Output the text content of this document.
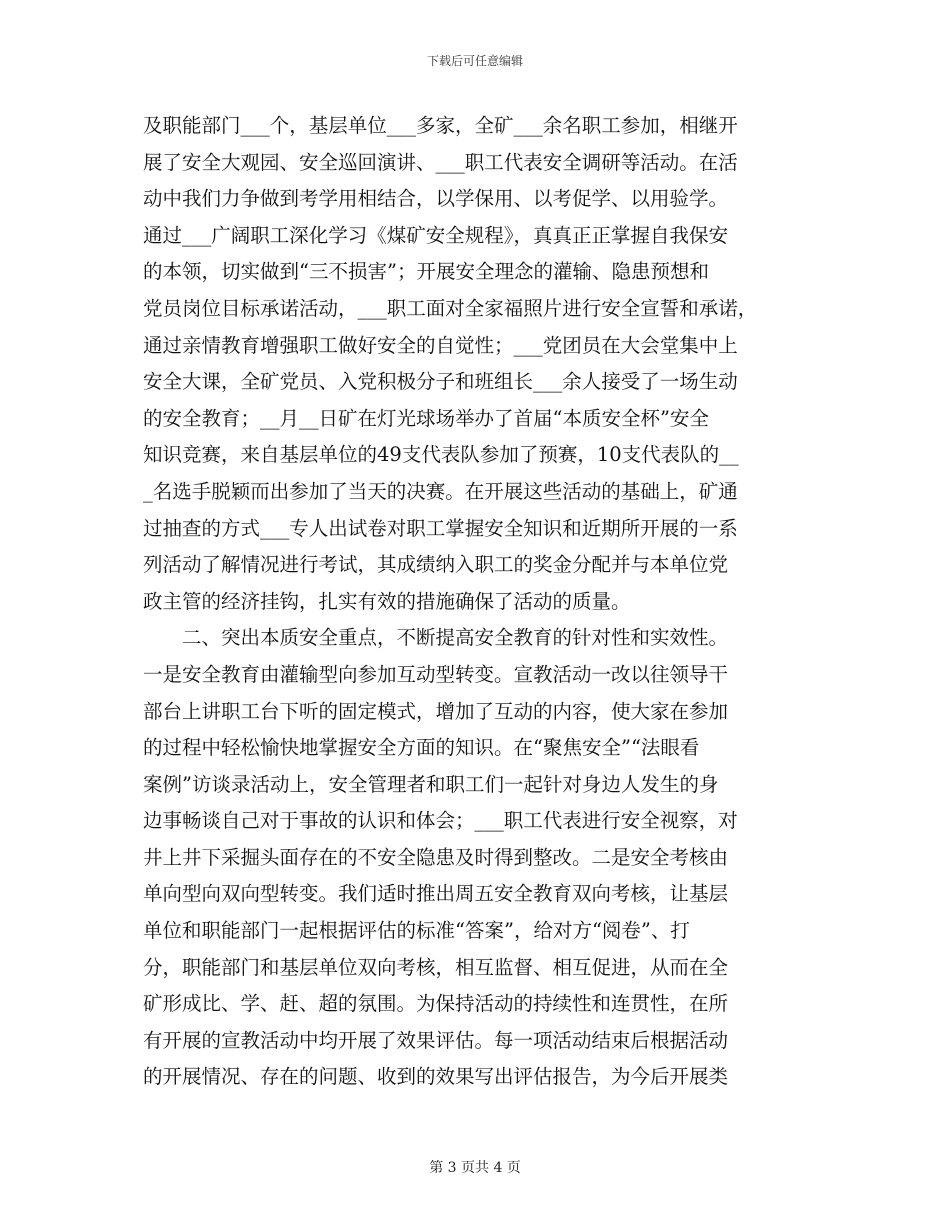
下载后可任意编辑
及职能部门___个，基层单位___多家，全矿___余名职工参加，相继开
展了安全大观园、安全巡回演讲、___职工代表安全调研等活动。在活
动中我们力争做到考学用相结合，以学保用、以考促学、以用验学。
通过___广阔职工深化学习《煤矿安全规程》，真真正正掌握自我保安
的本领，切实做到“三不损害”；开展安全理念的灌输、隐患预想和
党员岗位目标承诺活动，___职工面对全家福照片进行安全宣誓和承诺，
通过亲情教育增强职工做好安全的自觉性；___党团员在大会堂集中上
安全大课，全矿党员、入党积极分子和班组长___余人接受了一场生动
的安全教育；__月__日矿在灯光球场举办了首届“本质安全杯”安全
知识竞赛，来自基层单位的49支代表队参加了预赛，10支代表队的__
_名选手脱颖而出参加了当天的决赛。在开展这些活动的基础上，矿通
过抽查的方式___专人出试卷对职工掌握安全知识和近期所开展的一系
列活动了解情况进行考试，其成绩纳入职工的奖金分配并与本单位党
政主管的经济挂钩，扎实有效的措施确保了活动的质量。
二、突出本质安全重点，不断提高安全教育的针对性和实效性。
一是安全教育由灌输型向参加互动型转变。宣教活动一改以往领导干
部台上讲职工台下听的固定模式，增加了互动的内容，使大家在参加
的过程中轻松愉快地掌握安全方面的知识。在“聚焦安全”“法眼看
案例”访谈录活动上，安全管理者和职工们一起针对身边人发生的身
边事畅谈自己对于事故的认识和体会；___职工代表进行安全视察，对
井上井下采掘头面存在的不安全隐患及时得到整改。二是安全考核由
单向型向双向型转变。我们适时推出周五安全教育双向考核，让基层
单位和职能部门一起根据评估的标准“答案”，给对方“阅卷”、打
分，职能部门和基层单位双向考核，相互监督、相互促进，从而在全
矿形成比、学、赶、超的氛围。为保持活动的持续性和连贯性，在所
有开展的宣教活动中均开展了效果评估。每一项活动结束后根据活动
的开展情况、存在的问题、收到的效果写出评估报告，为今后开展类
第 3 页共 4 页
